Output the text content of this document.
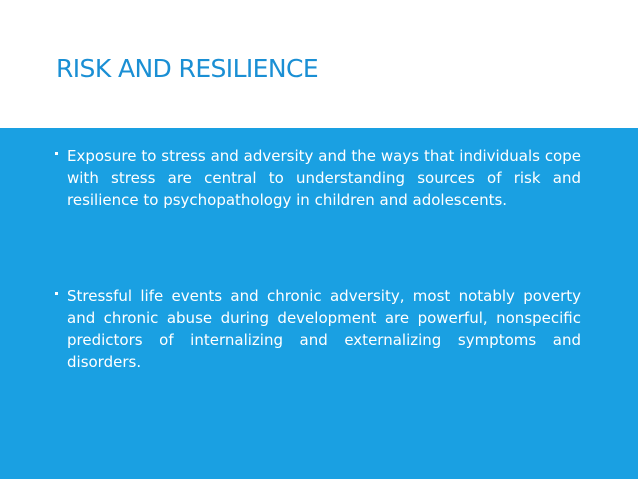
RISK AND RESILIENCE

Exposure to stress and adversity and the ways that individuals cope with stress are central to understanding sources of risk and resilience to psychopathology in children and adolescents.

Stressful life events and chronic adversity, most notably poverty and chronic abuse during development are powerful, nonspecific predictors of internalizing and externalizing symptoms and disorders.
